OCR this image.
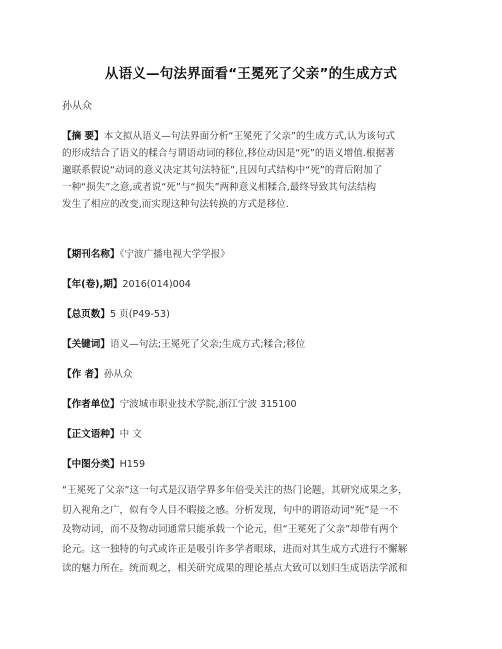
从语义—句法界面看“王冕死了父亲”的生成方式
孙从众
【摘 要】本文拟从语义—句法界面分析“王冕死了父亲”的生成方式,认为该句式
的形成结合了语义的糅合与谓语动词的移位,移位动因是“死”的语义增值.根据著
邋联系假说“动词的意义决定其句法特征”,且因句式结构中“死”的背后附加了
一种“损失”之意,或者说“死”与“损失”两种意义相糅合,最终导致其句法结构
发生了相应的改变,而实现这种句法转换的方式是移位.
【期刊名称】《宁波广播电视大学学报》
【年(卷),期】2016(014)004
【总页数】5 页(P49-53)
【关键词】语义—句法;王冕死了父亲;生成方式;糅合;移位
【作 者】孙从众
【作者单位】宁波城市职业技术学院,浙江宁波 315100
【正文语种】中 文
【中图分类】H159
“王冕死了父亲”这一句式是汉语学界多年倍受关注的热门论题，其研究成果之多，
切入视角之广，似有令人目不暇接之感。分析发现，句中的谓语动词“死”是一不
及物动词，而不及物动词通常只能承载一个论元，但“王冕死了父亲”却带有两个
论元。这一独特的句式或许正是吸引许多学者眼球，进而对其生成方式进行不懈解
读的魅力所在。统而观之，相关研究成果的理论基点大致可以划归生成语法学派和
